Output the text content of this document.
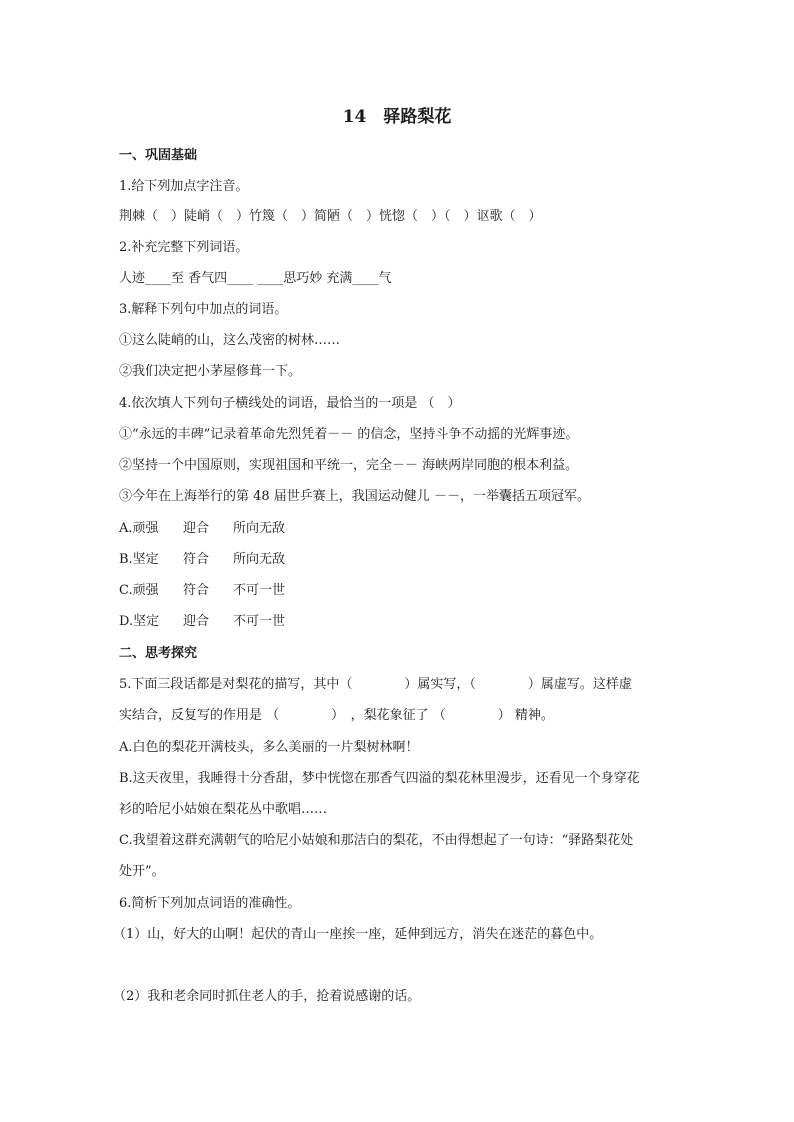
14　驿路梨花
一、巩固基础
1.给下列加点字注音。
荆棘（　）陡峭（　）竹篾（　）简陋（　）恍惚（　）（　）讴歌（　）
2.补充完整下列词语。
人迹____至 香气四____ ____思巧妙 充满____气
3.解释下列句中加点的词语。
①这么陡峭的山，这么茂密的树林……
②我们决定把小茅屋修葺一下。
4.依次填人下列句子横线处的词语，最恰当的一项是 （　）
①“永远的丰碑”记录着革命先烈凭着－－ 的信念，坚持斗争不动摇的光辉事迹。
②坚持一个中国原则，实现祖国和平统一，完全－－ 海峡两岸同胞的根本利益。
③今年在上海举行的第 48 届世乒赛上，我国运动健儿 －－，一举囊括五项冠军。
A.顽强 迎合 所向无敌
B.坚定 符合 所向无敌
C.顽强 符合 不可一世
D.坚定 迎合 不可一世
二、思考探究
5.下面三段话都是对梨花的描写，其中（　　　　）属实写，（　　　　）属虚写。这样虚
实结合，反复写的作用是 （　　　　）　，梨花象征了 （　　　　） 精神。
A.白色的梨花开满枝头，多么美丽的一片梨树林啊！
B.这天夜里，我睡得十分香甜，梦中恍惚在那香气四溢的梨花林里漫步，还看见一个身穿花
衫的哈尼小姑娘在梨花丛中歌唱……
C.我望着这群充满朝气的哈尼小姑娘和那洁白的梨花，不由得想起了一句诗：“驿路梨花处
处开”。
6.简析下列加点词语的准确性。
（1）山，好大的山啊！起伏的青山一座挨一座，延伸到远方，消失在迷茫的暮色中。
（2）我和老余同时抓住老人的手，抢着说感谢的话。
